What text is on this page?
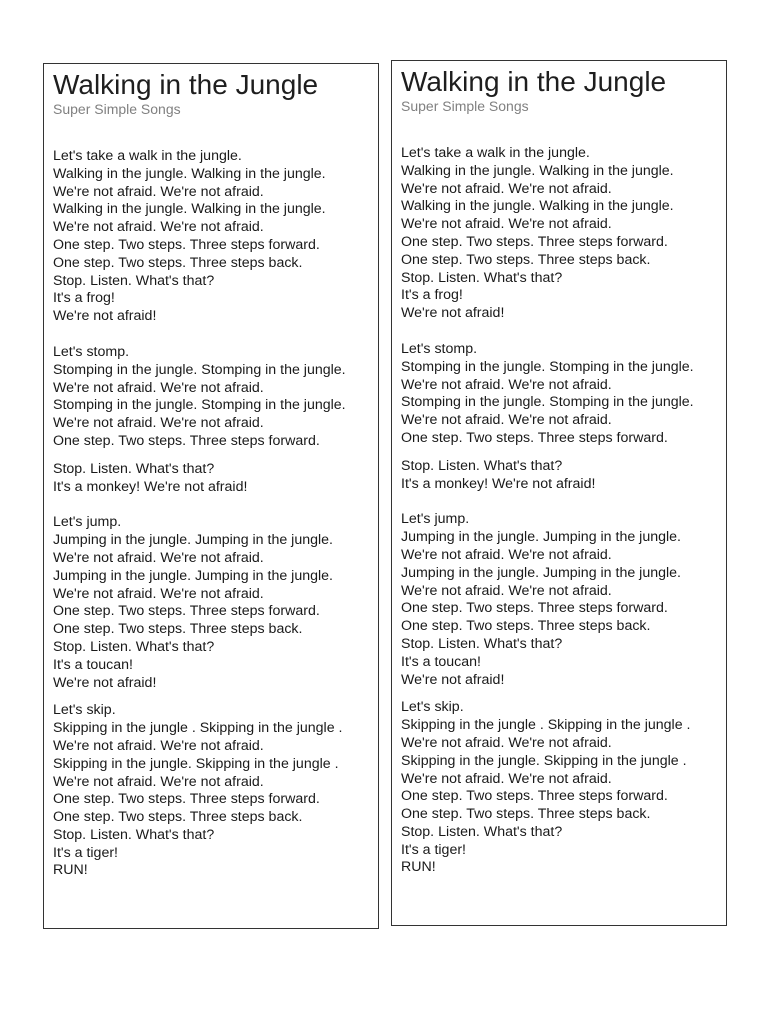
Walking in the Jungle
Super Simple Songs
Let's take a walk in the jungle.
Walking in the jungle. Walking in the jungle.
We're not afraid. We're not afraid.
Walking in the jungle. Walking in the jungle.
We're not afraid. We're not afraid.
One step. Two steps. Three steps forward.
One step. Two steps. Three steps back.
Stop. Listen. What's that?
It's a frog!
We're not afraid!
Let's stomp.
Stomping in the jungle. Stomping in the jungle.
We're not afraid. We're not afraid.
Stomping in the jungle. Stomping in the jungle.
We're not afraid. We're not afraid.
One step. Two steps. Three steps forward.
Stop. Listen. What's that?
It's a monkey! We're not afraid!
Let's jump.
Jumping in the jungle. Jumping in the jungle.
We're not afraid. We're not afraid.
Jumping in the jungle. Jumping in the jungle.
We're not afraid. We're not afraid.
One step. Two steps. Three steps forward.
One step. Two steps. Three steps back.
Stop. Listen. What's that?
It's a toucan!
We're not afraid!
Let's skip.
Skipping in the jungle . Skipping in the jungle .
We're not afraid. We're not afraid.
Skipping in the jungle. Skipping in the jungle .
We're not afraid. We're not afraid.
One step. Two steps. Three steps forward.
One step. Two steps. Three steps back.
Stop. Listen. What's that?
It's a tiger!
RUN!
Walking in the Jungle
Super Simple Songs
Let's take a walk in the jungle.
Walking in the jungle. Walking in the jungle.
We're not afraid. We're not afraid.
Walking in the jungle. Walking in the jungle.
We're not afraid. We're not afraid.
One step. Two steps. Three steps forward.
One step. Two steps. Three steps back.
Stop. Listen. What's that?
It's a frog!
We're not afraid!
Let's stomp.
Stomping in the jungle. Stomping in the jungle.
We're not afraid. We're not afraid.
Stomping in the jungle. Stomping in the jungle.
We're not afraid. We're not afraid.
One step. Two steps. Three steps forward.
Stop. Listen. What's that?
It's a monkey! We're not afraid!
Let's jump.
Jumping in the jungle. Jumping in the jungle.
We're not afraid. We're not afraid.
Jumping in the jungle. Jumping in the jungle.
We're not afraid. We're not afraid.
One step. Two steps. Three steps forward.
One step. Two steps. Three steps back.
Stop. Listen. What's that?
It's a toucan!
We're not afraid!
Let's skip.
Skipping in the jungle . Skipping in the jungle .
We're not afraid. We're not afraid.
Skipping in the jungle. Skipping in the jungle .
We're not afraid. We're not afraid.
One step. Two steps. Three steps forward.
One step. Two steps. Three steps back.
Stop. Listen. What's that?
It's a tiger!
RUN!
